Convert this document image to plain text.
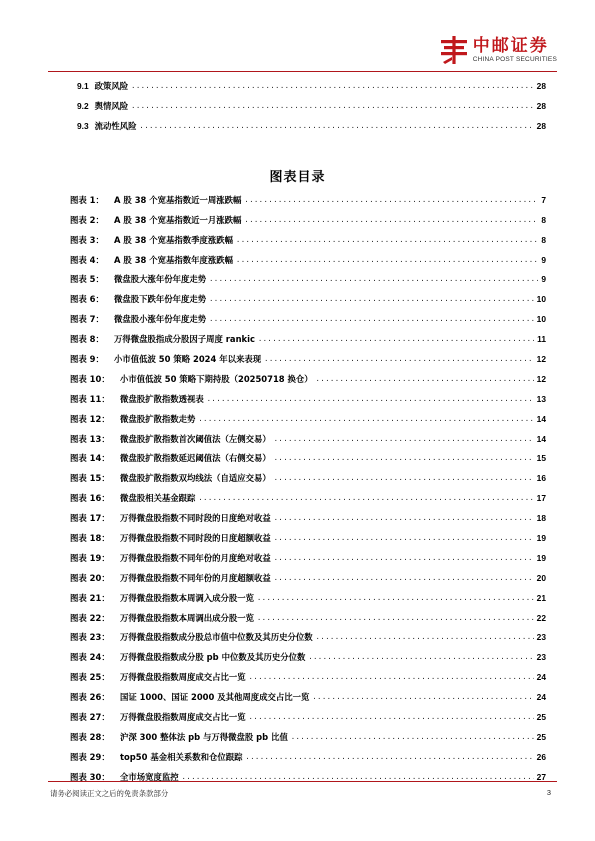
中邮证券
CHINA POST SECURITIES
9.1 政策风险 .....	28
9.2 舆情风险 .....	28
9.3 流动性风险 .....	28
图表目录
图表 1：	A 股 38 个宽基指数近一周涨跌幅 .....	7
图表 2：	A 股 38 个宽基指数近一月涨跌幅 .....	8
图表 3：	A 股 38 个宽基指数季度涨跌幅 .....	8
图表 4：	A 股 38 个宽基指数年度涨跌幅 .....	9
图表 5：	微盘股大涨年份年度走势 .....	9
图表 6：	微盘股下跌年份年度走势 .....	10
图表 7：	微盘股小涨年份年度走势 .....	10
图表 8：	万得微盘股指成分股因子周度 rankic .....	11
图表 9：	小市值低波 50 策略 2024 年以来表现 .....	12
图表 10：	小市值低波 50 策略下期持股（20250718 换仓） .....	12
图表 11：	微盘股扩散指数透视表 .....	13
图表 12：	微盘股扩散指数走势 .....	14
图表 13：	微盘股扩散指数首次阈值法（左侧交易） .....	14
图表 14：	微盘股扩散指数延迟阈值法（右侧交易） .....	15
图表 15：	微盘股扩散指数双均线法（自适应交易） .....	16
图表 16：	微盘股相关基金跟踪 .....	17
图表 17：	万得微盘股指数不同时段的日度绝对收益 .....	18
图表 18：	万得微盘股指数不同时段的日度超额收益 .....	19
图表 19：	万得微盘股指数不同年份的月度绝对收益 .....	19
图表 20：	万得微盘股指数不同年份的月度超额收益 .....	20
图表 21：	万得微盘股指数本周调入成分股一览 .....	21
图表 22：	万得微盘股指数本周调出成分股一览 .....	22
图表 23：	万得微盘股指数成分股总市值中位数及其历史分位数 .....	23
图表 24：	万得微盘股指数成分股 pb 中位数及其历史分位数 .....	23
图表 25：	万得微盘股指数周度成交占比一览 .....	24
图表 26：	国证 1000、国证 2000 及其他周度成交占比一览 .....	24
图表 27：	万得微盘股指数周度成交占比一览 .....	25
图表 28：	沪深 300 整体法 pb 与万得微盘股 pb 比值 .....	25
图表 29：	top50 基金相关系数和仓位跟踪 .....	26
图表 30：	全市场宽度监控 .....	27
请务必阅读正文之后的免责条款部分	3
